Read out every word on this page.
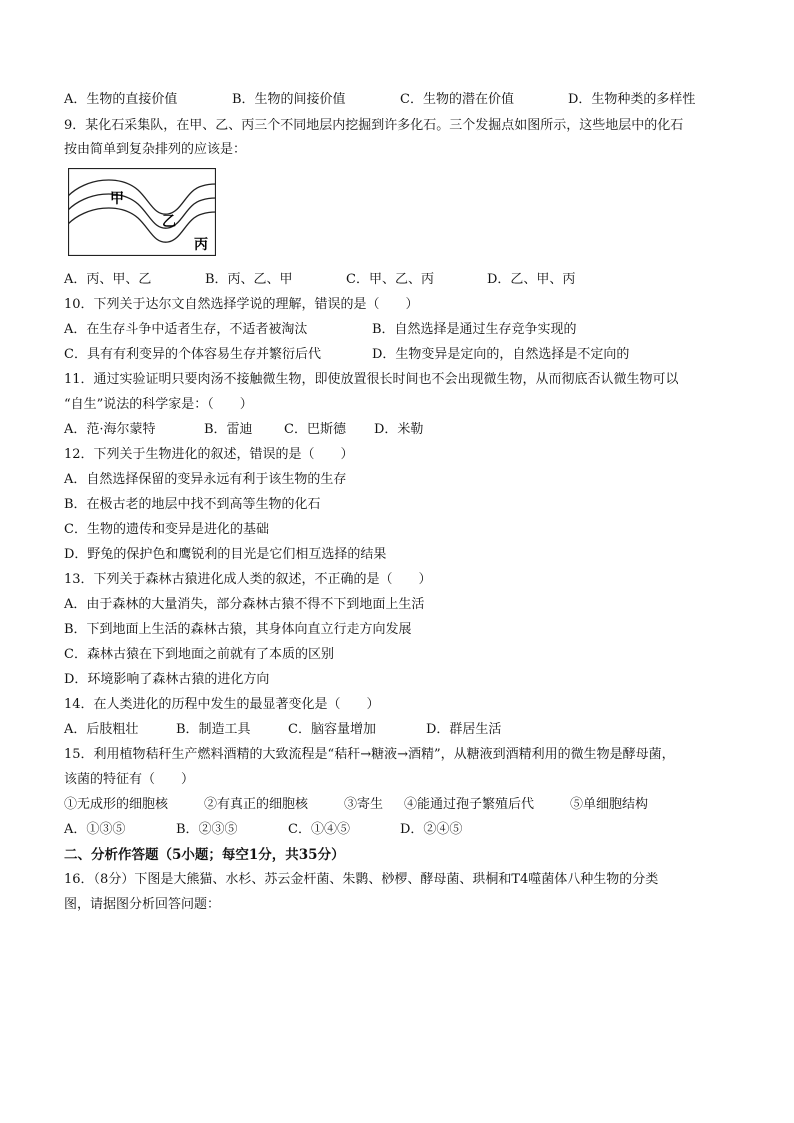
A．生物的直接价值	B．生物的间接价值	C．生物的潜在价值	D．生物种类的多样性
9．某化石采集队，在甲、乙、丙三个不同地层内挖掘到许多化石。三个发掘点如图所示，这些地层中的化石
按由简单到复杂排列的应该是：
甲
乙
丙
A．丙、甲、乙	B．丙、乙、甲	C．甲、乙、丙	D．乙、甲、丙
10．下列关于达尔文自然选择学说的理解，错误的是（　　）
A．在生存斗争中适者生存，不适者被淘汰	B．自然选择是通过生存竞争实现的
C．具有有利变异的个体容易生存并繁衍后代	D．生物变异是定向的，自然选择是不定向的
11．通过实验证明只要肉汤不接触微生物，即使放置很长时间也不会出现微生物，从而彻底否认微生物可以
“自生”说法的科学家是：（　　）
A．范·海尔蒙特	B．雷迪	C．巴斯德	D．米勒
12．下列关于生物进化的叙述，错误的是（　　）
A．自然选择保留的变异永远有利于该生物的生存
B．在极古老的地层中找不到高等生物的化石
C．生物的遗传和变异是进化的基础
D．野兔的保护色和鹰锐利的目光是它们相互选择的结果
13．下列关于森林古猿进化成人类的叙述，不正确的是（　　）
A．由于森林的大量消失，部分森林古猿不得不下到地面上生活
B．下到地面上生活的森林古猿，其身体向直立行走方向发展
C．森林古猿在下到地面之前就有了本质的区别
D．环境影响了森林古猿的进化方向
14．在人类进化的历程中发生的最显著变化是（　　）
A．后肢粗壮	B．制造工具	C．脑容量增加	D．群居生活
15．利用植物秸秆生产燃料酒精的大致流程是“秸秆→糖液→酒精”，从糖液到酒精利用的微生物是酵母菌，
该菌的特征有（　　）
①无成形的细胞核	②有真正的细胞核	③寄生	④能通过孢子繁殖后代	⑤单细胞结构
A．①③⑤	B．②③⑤	C．①④⑤	D．②④⑤
二、分析作答题（5小题；每空1分，共35分）
16．（8分）下图是大熊猫、水杉、苏云金杆菌、朱鹮、桫椤、酵母菌、珙桐和T4噬菌体八种生物的分类
图，请据图分析回答问题：
